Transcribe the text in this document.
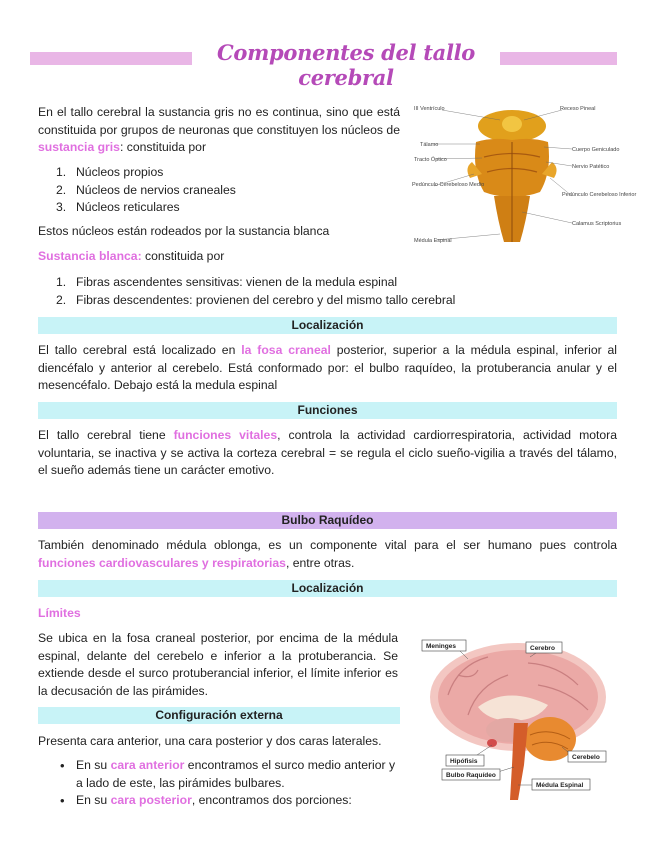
Componentes del tallo cerebral

En el tallo cerebral la sustancia gris no es continua, sino que está constituida por grupos de neuronas que constituyen los núcleos de sustancia gris: constituida por

1. Núcleos propios
2. Núcleos de nervios craneales
3. Núcleos reticulares

Estos núcleos están rodeados por la sustancia blanca

Sustancia blanca: constituida por

1. Fibras ascendentes sensitivas: vienen de la medula espinal
2. Fibras descendentes: provienen del cerebro y del mismo tallo cerebral
III Ventrículo	Receso Pineal
Tálamo
Cuerpo Geniculado
Tracto Óptico
Nervio Patético
Pedúnculo Cerebeloso Medio
Pedúnculo Cerebeloso Inferior
Calamus Scriptorius
Médula Espinal
Localización

El tallo cerebral está localizado en la fosa craneal posterior, superior a la médula espinal, inferior al diencéfalo y anterior al cerebelo. Está conformado por: el bulbo raquídeo, la protuberancia anular y el mesencéfalo. Debajo está la medula espinal

Funciones

El tallo cerebral tiene funciones vitales, controla la actividad cardiorrespiratoria, actividad motora voluntaria, se inactiva y se activa la corteza cerebral = se regula el ciclo sueño-vigilia a través del tálamo, el sueño además tiene un carácter emotivo.

Bulbo Raquídeo

También denominado médula oblonga, es un componente vital para el ser humano pues controla funciones cardiovasculares y respiratorias, entre otras.

Localización

Límites

Se ubica en la fosa craneal posterior, por encima de la médula espinal, delante del cerebelo e inferior a la protuberancia. Se extiende desde el surco protuberancial inferior, el límite inferior es la decusación de las pirámides.

Configuración externa

Presenta cara anterior, una cara posterior y dos caras laterales.

• En su cara anterior encontramos el surco medio anterior y a lado de este, las pirámides bulbares.
• En su cara posterior, encontramos dos porciones:
Meninges	Cerebro
Hipófisis
Cerebelo
Bulbo Raquídeo
Médula Espinal
